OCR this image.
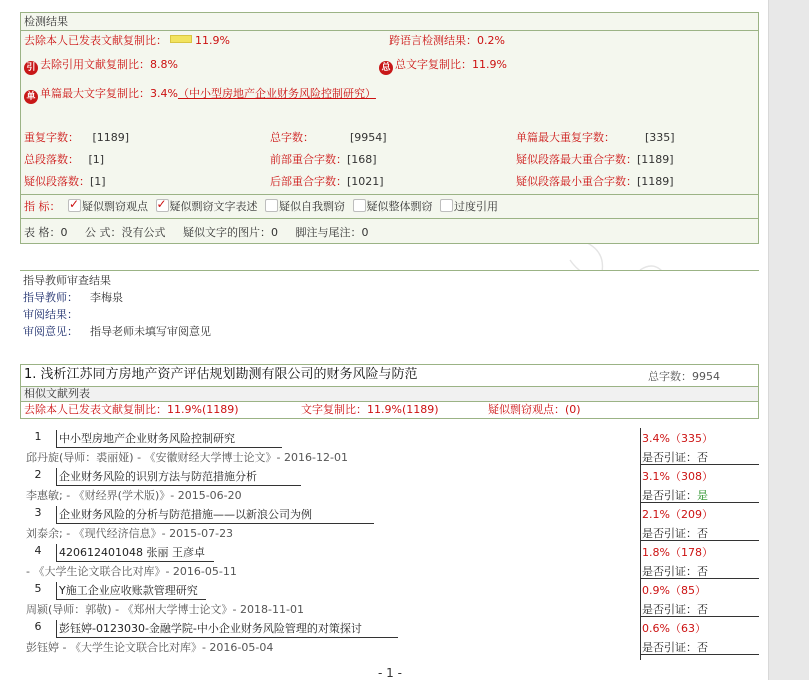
检测结果
去除本人已发表文献复制比：	11.9%	跨语言检测结果：0.2%
引 去除引用文献复制比：8.8%	总 总文字复制比：11.9%
单 单篇最大文字复制比：3.4%（中小型房地产企业财务风险控制研究）
重复字数： [1189]	总字数：	[9954]	单篇最大重复字数：	[335]
总段落数： [1]	前部重合字数：[168]	疑似段落最大重合字数：[1189]
疑似段落数：[1]	后部重合字数：[1021]	疑似段落最小重合字数：[1189]
指 标： ✓ 疑似剽窃观点 ✓ 疑似剽窃文字表述 疑似自我剽窃 疑似整体剽窃 过度引用
表 格：0 公 式：没有公式 疑似文字的图片：0 脚注与尾注：0
指导教师审查结果
指导教师： 李梅泉
审阅结果：
审阅意见： 指导老师未填写审阅意见
1. 浅析江苏同方房地产资产评估规划勘测有限公司的财务风险与防范	总字数：9954
相似文献列表
去除本人已发表文献复制比：11.9%(1189)	文字复制比：11.9%(1189)	疑似剽窃观点：(0)
1	中小型房地产企业财务风险控制研究	3.4%（335）
邱丹旋(导师：裘丽娅) - 《安徽财经大学博士论文》- 2016-12-01	是否引证：否
2	企业财务风险的识别方法与防范措施分析	3.1%（308）
李惠敏; - 《财经界(学术版)》- 2015-06-20	是否引证：是
3	企业财务风险的分析与防范措施——以新浪公司为例	2.1%（209）
刘泰余; - 《现代经济信息》- 2015-07-23	是否引证：否
4	420612401048 张丽 王彦卓	1.8%（178）
- 《大学生论文联合比对库》- 2016-05-11	是否引证：否
5	Y施工企业应收账款管理研究	0.9%（85）
周颍(导师：郭敬) - 《郑州大学博士论文》- 2018-11-01	是否引证：否
6	彭钰婷-0123030-金融学院-中小企业财务风险管理的对策探讨	0.6%（63）
彭钰婷 - 《大学生论文联合比对库》- 2016-05-04	是否引证：否
- 1 -
